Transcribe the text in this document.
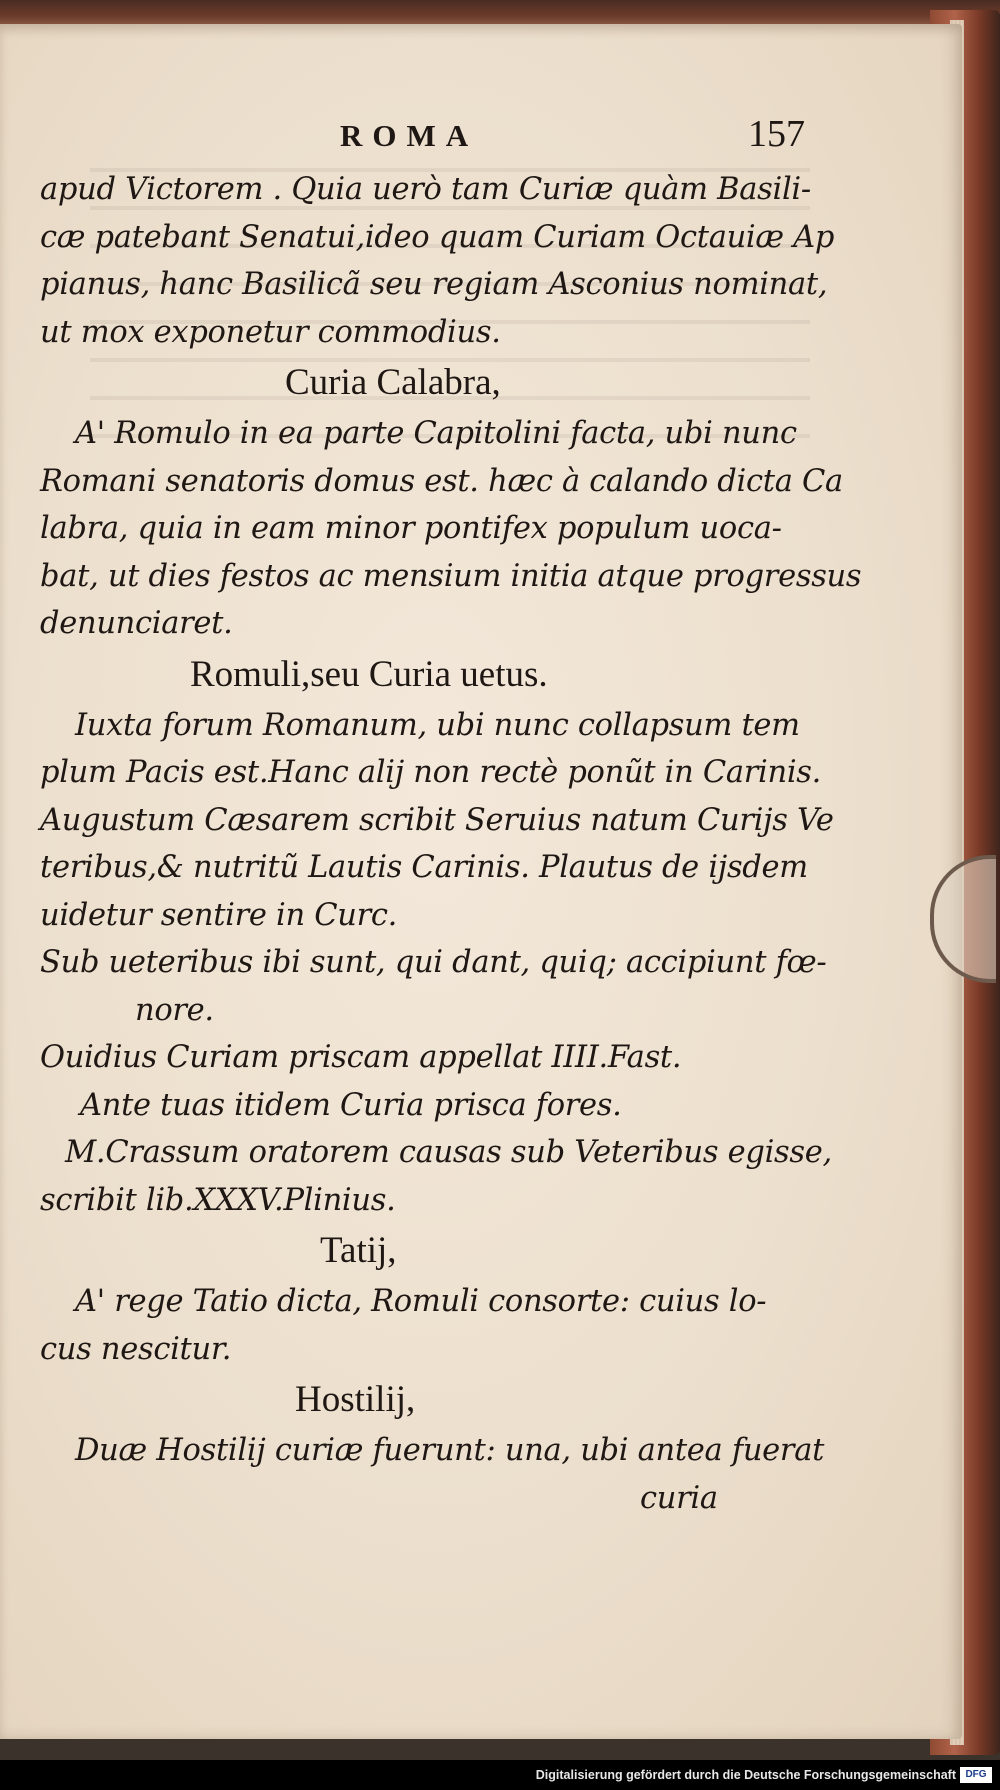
ROMA	157
apud Victorem . Quia uerò tam Curiæ quàm Basili-
cæ patebant Senatui,ideo quam Curiam Octauiæ Ap
pianus, hanc Basilicã seu regiam Asconius nominat,
ut mox exponetur commodius.
Curia Calabra,
A' Romulo in ea parte Capitolini facta, ubi nunc
Romani senatoris domus est. hæc à calando dicta Ca
labra, quia in eam minor pontifex populum uoca-
bat, ut dies festos ac mensium initia atque progressus
denunciaret.
Romuli,seu Curia uetus.
Iuxta forum Romanum, ubi nunc collapsum tem
plum Pacis est.Hanc alij non rectè ponũt in Carinis.
Augustum Cæsarem scribit Seruius natum Curijs Ve
teribus,& nutritũ Lautis Carinis. Plautus de ijsdem
uidetur sentire in Curc.
Sub ueteribus ibi sunt, qui dant, quiq; accipiunt fœ-
nore.
Ouidius Curiam priscam appellat IIII.Fast.
Ante tuas itidem Curia prisca fores.
M.Crassum oratorem causas sub Veteribus egisse,
scribit lib.XXXV.Plinius.
Tatij,
A' rege Tatio dicta, Romuli consorte: cuius lo-
cus nescitur.
Hostilij,
Duæ Hostilij curiæ fuerunt: una, ubi antea fuerat
curia
Digitalisierung gefördert durch die Deutsche Forschungsgemeinschaft DFG
